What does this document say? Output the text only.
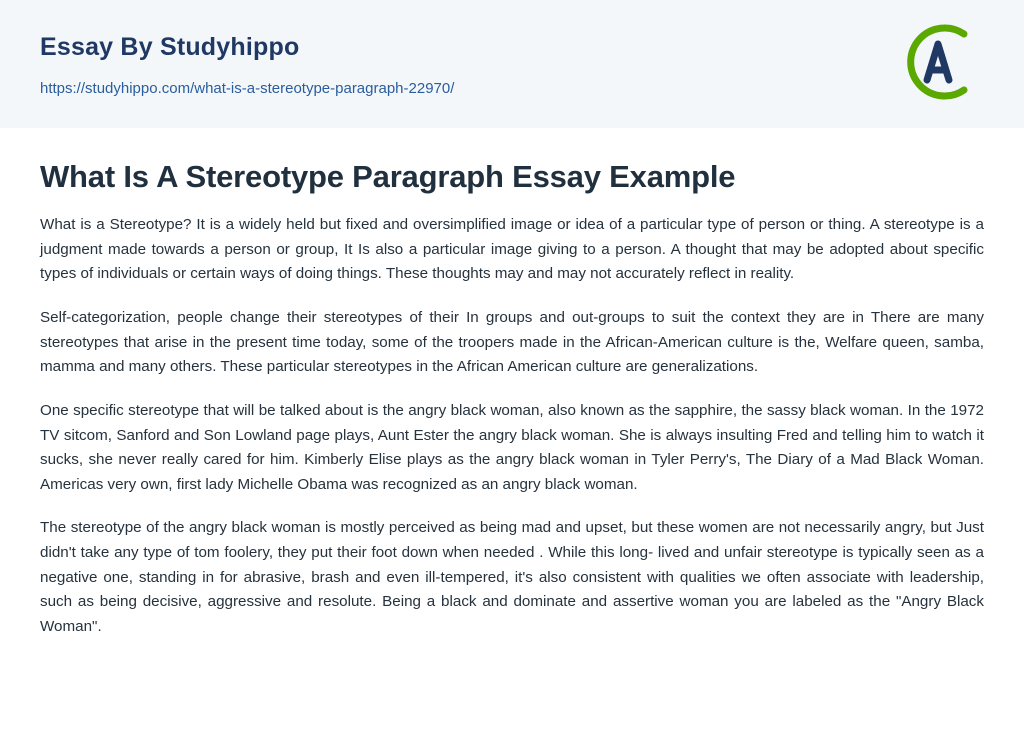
Essay By Studyhippo
https://studyhippo.com/what-is-a-stereotype-paragraph-22970/
What Is A Stereotype Paragraph Essay Example

What is a Stereotype? It is a widely held but fixed and oversimplified image or idea of a particular type of person or thing. A stereotype is a judgment made towards a person or group, It Is also a particular image giving to a person. A thought that may be adopted about specific types of individuals or certain ways of doing things. These thoughts may and may not accurately reflect in reality.

Self-categorization, people change their stereotypes of their In groups and out-groups to suit the context they are in There are many stereotypes that arise in the present time today, some of the troopers made in the African-American culture is the, Welfare queen, samba, mamma and many others. These particular stereotypes in the African American culture are generalizations.

One specific stereotype that will be talked about is the angry black woman, also known as the sapphire, the sassy black woman. In the 1972 TV sitcom, Sanford and Son Lowland page plays, Aunt Ester the angry black woman. She is always insulting Fred and telling him to watch it sucks, she never really cared for him. Kimberly Elise plays as the angry black woman in Tyler Perry's, The Diary of a Mad Black Woman. Americas very own, first lady Michelle Obama was recognized as an angry black woman.

The stereotype of the angry black woman is mostly perceived as being mad and upset, but these women are not necessarily angry, but Just didn't take any type of tom foolery, they put their foot down when needed . While this long- lived and unfair stereotype is typically seen as a negative one, standing in for abrasive, brash and even ill-tempered, it's also consistent with qualities we often associate with leadership, such as being decisive, aggressive and resolute. Being a black and dominate and assertive woman you are labeled as the "Angry Black Woman".
